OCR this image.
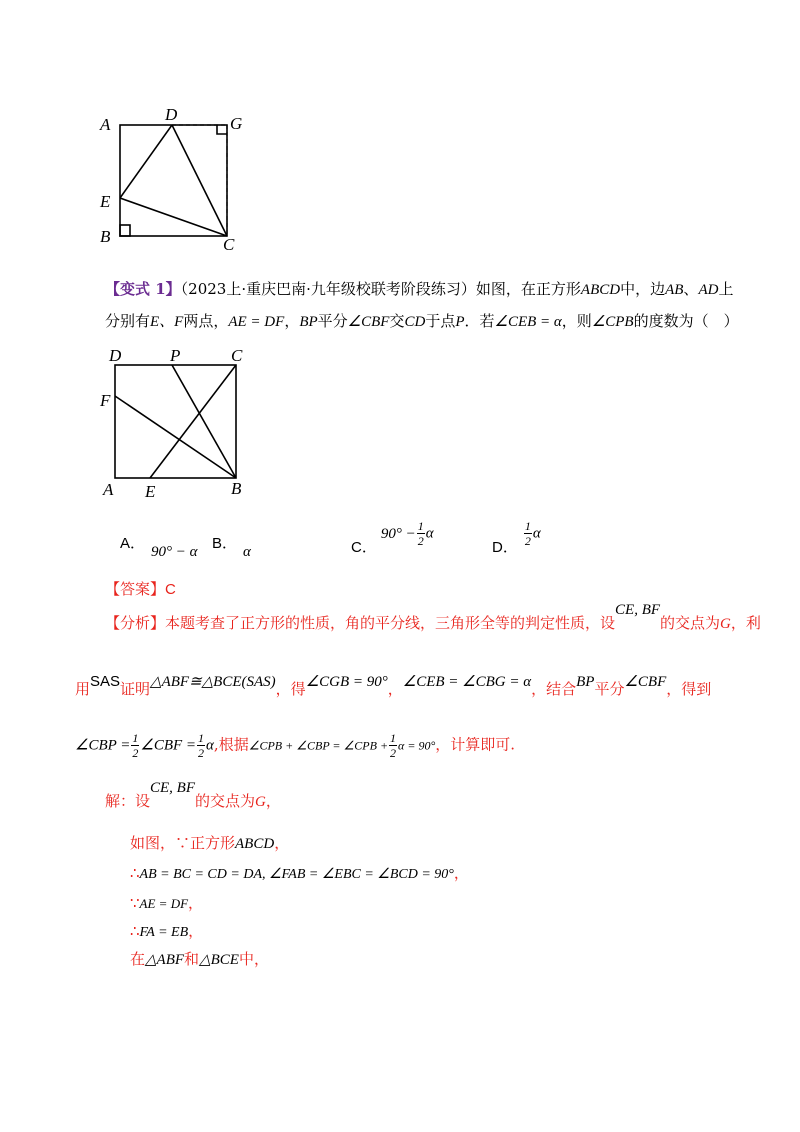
A
D	G
E
B	C
【变式 1】（2023上·重庆巴南·九年级校联考阶段练习）如图，在正方形ABCD中，边AB、AD上
分别有E、F两点，AE = DF，BP平分∠CBF交CD于点P．若∠CEB = α，则∠CPB的度数为（　）
D	P	C
F
A E	B
A． 90° − α B． α	C．$90^\circ - \frac{1}{2}$ α
D． $\frac{1}{2}$ α
【答案】C
【分析】本题考查了正方形的性质，角的平分线，三角形全等的判定性质，设CE, BF的交点为G，利
用SAS证明△ABF≅△BCE(SAS)，得∠CGB = 90°，∠CEB = ∠CBG = α，结合BP平分∠CBF，得到
∠CBP = $\frac{1}{2}$ ∠CBF = $\frac{1}{2} \alpha$,根据∠CPB + ∠CBP = ∠CPB + $\frac{1}{2}$ α = 90°，计算即可.
解：设CE, BF的交点为G，
如图，∵正方形ABCD，
∴AB = BC = CD = DA, ∠FAB = ∠EBC = ∠BCD = 90°，
∵AE = DF，
∴FA = EB，
在△ABF和△BCE中，
